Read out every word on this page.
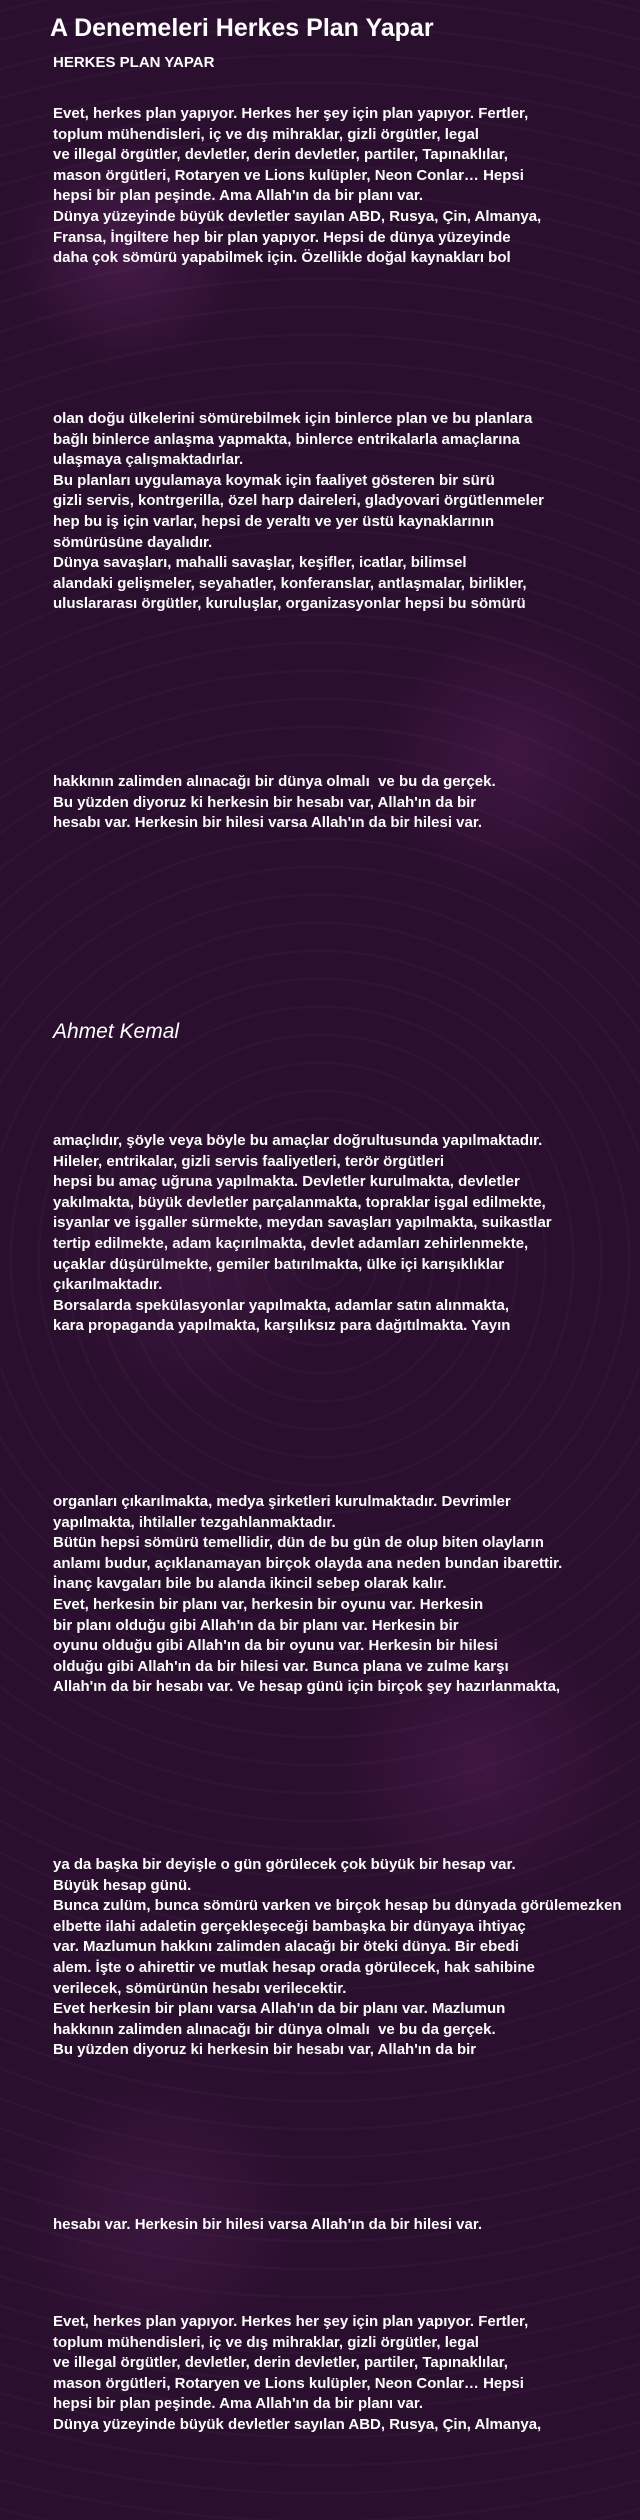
A Denemeleri Herkes Plan Yapar
HERKES PLAN YAPAR
Evet, herkes plan yapıyor. Herkes her şey için plan yapıyor. Fertler,
toplum mühendisleri, iç ve dış mihraklar, gizli örgütler, legal
ve illegal örgütler, devletler, derin devletler, partiler, Tapınaklılar,
mason örgütleri, Rotaryen ve Lions kulüpler, Neon Conlar… Hepsi
hepsi bir plan peşinde. Ama Allah'ın da bir planı var.
Dünya yüzeyinde büyük devletler sayılan ABD, Rusya, Çin, Almanya,
Fransa, İngiltere hep bir plan yapıyor. Hepsi de dünya yüzeyinde
daha çok sömürü yapabilmek için. Özellikle doğal kaynakları bol
olan doğu ülkelerini sömürebilmek için binlerce plan ve bu planlara
bağlı binlerce anlaşma yapmakta, binlerce entrikalarla amaçlarına
ulaşmaya çalışmaktadırlar.
Bu planları uygulamaya koymak için faaliyet gösteren bir sürü
gizli servis, kontrgerilla, özel harp daireleri, gladyovari örgütlenmeler
hep bu iş için varlar, hepsi de yeraltı ve yer üstü kaynaklarının
sömürüsüne dayalıdır.
Dünya savaşları, mahalli savaşlar, keşifler, icatlar, bilimsel
alandaki gelişmeler, seyahatler, konferanslar, antlaşmalar, birlikler,
uluslararası örgütler, kuruluşlar, organizasyonlar hepsi bu sömürü
hakkının zalimden alınacağı bir dünya olmalı  ve bu da gerçek.
Bu yüzden diyoruz ki herkesin bir hesabı var, Allah'ın da bir
hesabı var. Herkesin bir hilesi varsa Allah'ın da bir hilesi var.
Ahmet Kemal
amaçlıdır, şöyle veya böyle bu amaçlar doğrultusunda yapılmaktadır.
Hileler, entrikalar, gizli servis faaliyetleri, terör örgütleri
hepsi bu amaç uğruna yapılmakta. Devletler kurulmakta, devletler
yakılmakta, büyük devletler parçalanmakta, topraklar işgal edilmekte,
isyanlar ve işgaller sürmekte, meydan savaşları yapılmakta, suikastlar
tertip edilmekte, adam kaçırılmakta, devlet adamları zehirlenmekte,
uçaklar düşürülmekte, gemiler batırılmakta, ülke içi karışıklıklar
çıkarılmaktadır.
Borsalarda spekülasyonlar yapılmakta, adamlar satın alınmakta,
kara propaganda yapılmakta, karşılıksız para dağıtılmakta. Yayın
organları çıkarılmakta, medya şirketleri kurulmaktadır. Devrimler
yapılmakta, ihtilaller tezgahlanmaktadır.
Bütün hepsi sömürü temellidir, dün de bu gün de olup biten olayların
anlamı budur, açıklanamayan birçok olayda ana neden bundan ibarettir.
İnanç kavgaları bile bu alanda ikincil sebep olarak kalır.
Evet, herkesin bir planı var, herkesin bir oyunu var. Herkesin
bir planı olduğu gibi Allah'ın da bir planı var. Herkesin bir
oyunu olduğu gibi Allah'ın da bir oyunu var. Herkesin bir hilesi
olduğu gibi Allah'ın da bir hilesi var. Bunca plana ve zulme karşı
Allah'ın da bir hesabı var. Ve hesap günü için birçok şey hazırlanmakta,
ya da başka bir deyişle o gün görülecek çok büyük bir hesap var.
Büyük hesap günü.
Bunca zulüm, bunca sömürü varken ve birçok hesap bu dünyada görülemezken
elbette ilahi adaletin gerçekleşeceği bambaşka bir dünyaya ihtiyaç
var. Mazlumun hakkını zalimden alacağı bir öteki dünya. Bir ebedi
alem. İşte o ahirettir ve mutlak hesap orada görülecek, hak sahibine
verilecek, sömürünün hesabı verilecektir.
Evet herkesin bir planı varsa Allah'ın da bir planı var. Mazlumun
hakkının zalimden alınacağı bir dünya olmalı  ve bu da gerçek.
Bu yüzden diyoruz ki herkesin bir hesabı var, Allah'ın da bir
hesabı var. Herkesin bir hilesi varsa Allah'ın da bir hilesi var.
Evet, herkes plan yapıyor. Herkes her şey için plan yapıyor. Fertler,
toplum mühendisleri, iç ve dış mihraklar, gizli örgütler, legal
ve illegal örgütler, devletler, derin devletler, partiler, Tapınaklılar,
mason örgütleri, Rotaryen ve Lions kulüpler, Neon Conlar… Hepsi
hepsi bir plan peşinde. Ama Allah'ın da bir planı var.
Dünya yüzeyinde büyük devletler sayılan ABD, Rusya, Çin, Almanya,
